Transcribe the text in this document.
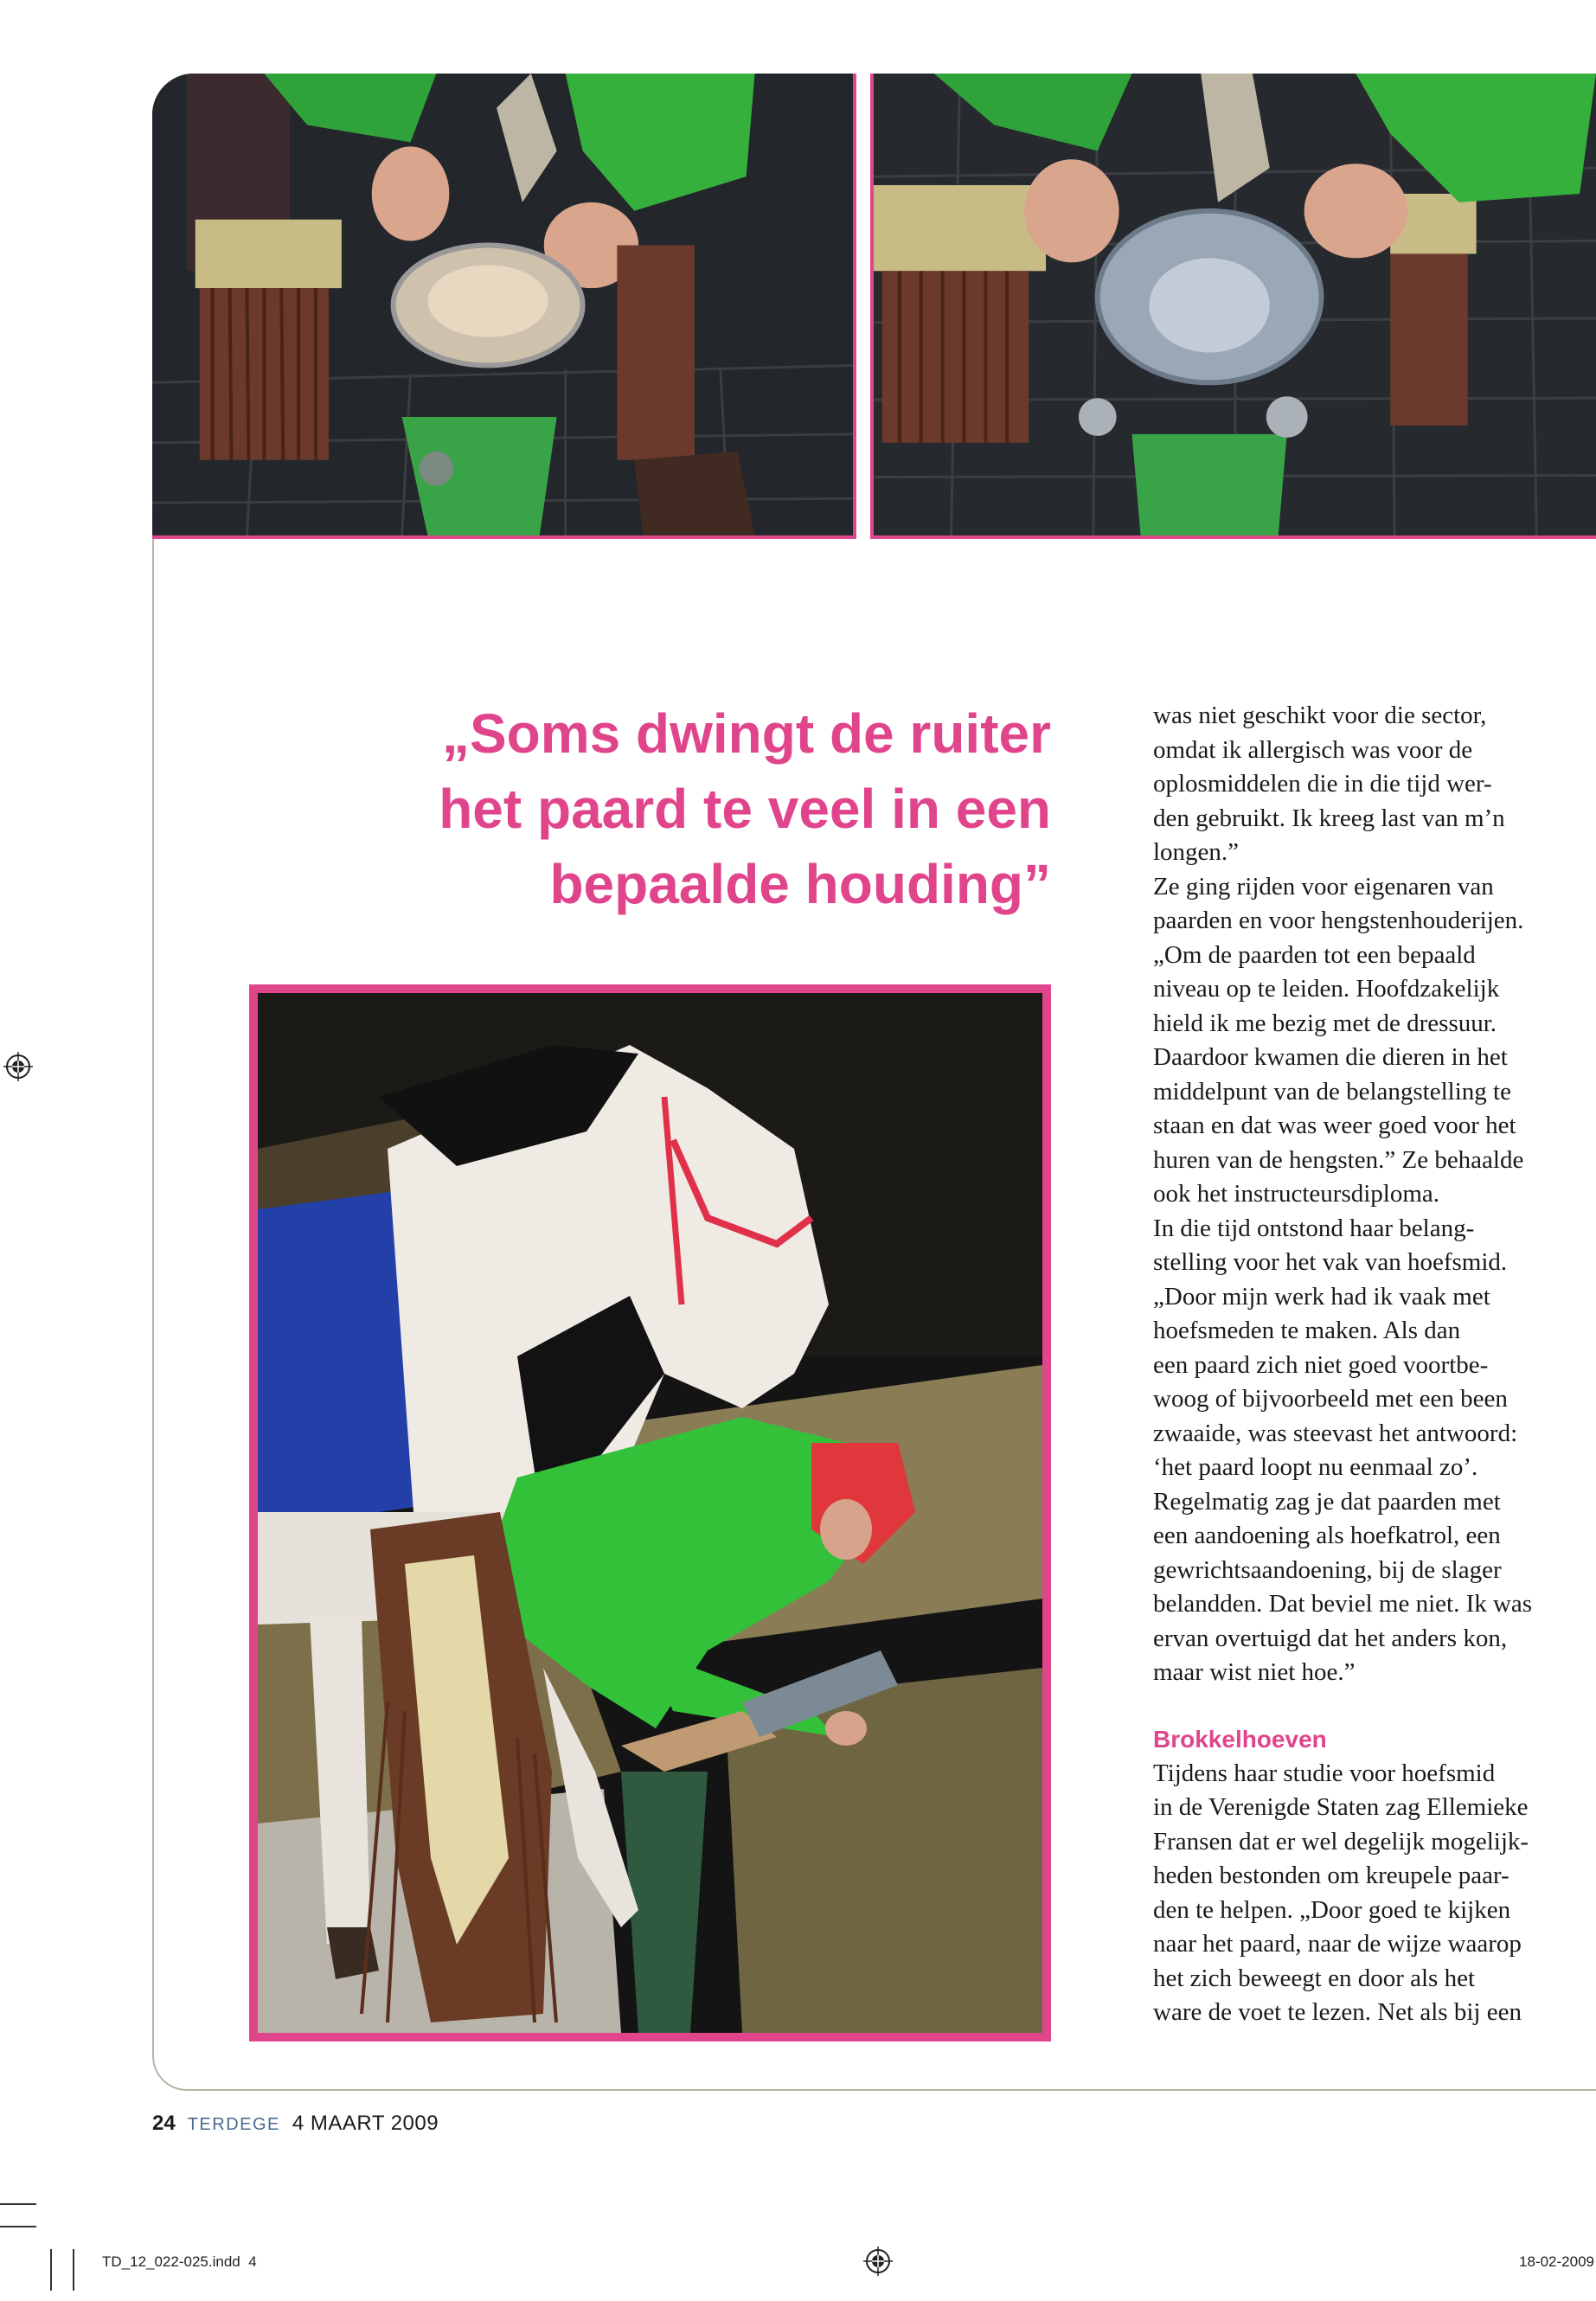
„Soms dwingt de ruiter
het paard te veel in een
bepaalde houding”
was niet geschikt voor die sector,
omdat ik allergisch was voor de
oplosmiddelen die in die tijd wer-
den gebruikt. Ik kreeg last van m’n
longen.”
Ze ging rijden voor eigenaren van
paarden en voor hengstenhouderijen.
„Om de paarden tot een bepaald
niveau op te leiden. Hoofdzakelijk
hield ik me bezig met de dressuur.
Daardoor kwamen die dieren in het
middelpunt van de belangstelling te
staan en dat was weer goed voor het
huren van de hengsten.” Ze behaalde
ook het instructeursdiploma.
In die tijd ontstond haar belang-
stelling voor het vak van hoefsmid.
„Door mijn werk had ik vaak met
hoefsmeden te maken. Als dan
een paard zich niet goed voortbe-
woog of bijvoorbeeld met een been
zwaaide, was steevast het antwoord:
‘het paard loopt nu eenmaal zo’.
Regelmatig zag je dat paarden met
een aandoening als hoefkatrol, een
gewrichtsaandoening, bij de slager
belandden. Dat beviel me niet. Ik was
ervan overtuigd dat het anders kon,
maar wist niet hoe.”
Brokkelhoeven
Tijdens haar studie voor hoefsmid
in de Verenigde Staten zag Ellemieke
Fransen dat er wel degelijk mogelijk-
heden bestonden om kreupele paar-
den te helpen. „Door goed te kijken
naar het paard, naar de wijze waarop
het zich beweegt en door als het
ware de voet te lezen. Net als bij een
24 TERDEGE 4 MAART 2009
TD_12_022-025.indd 4	18-02-2009
